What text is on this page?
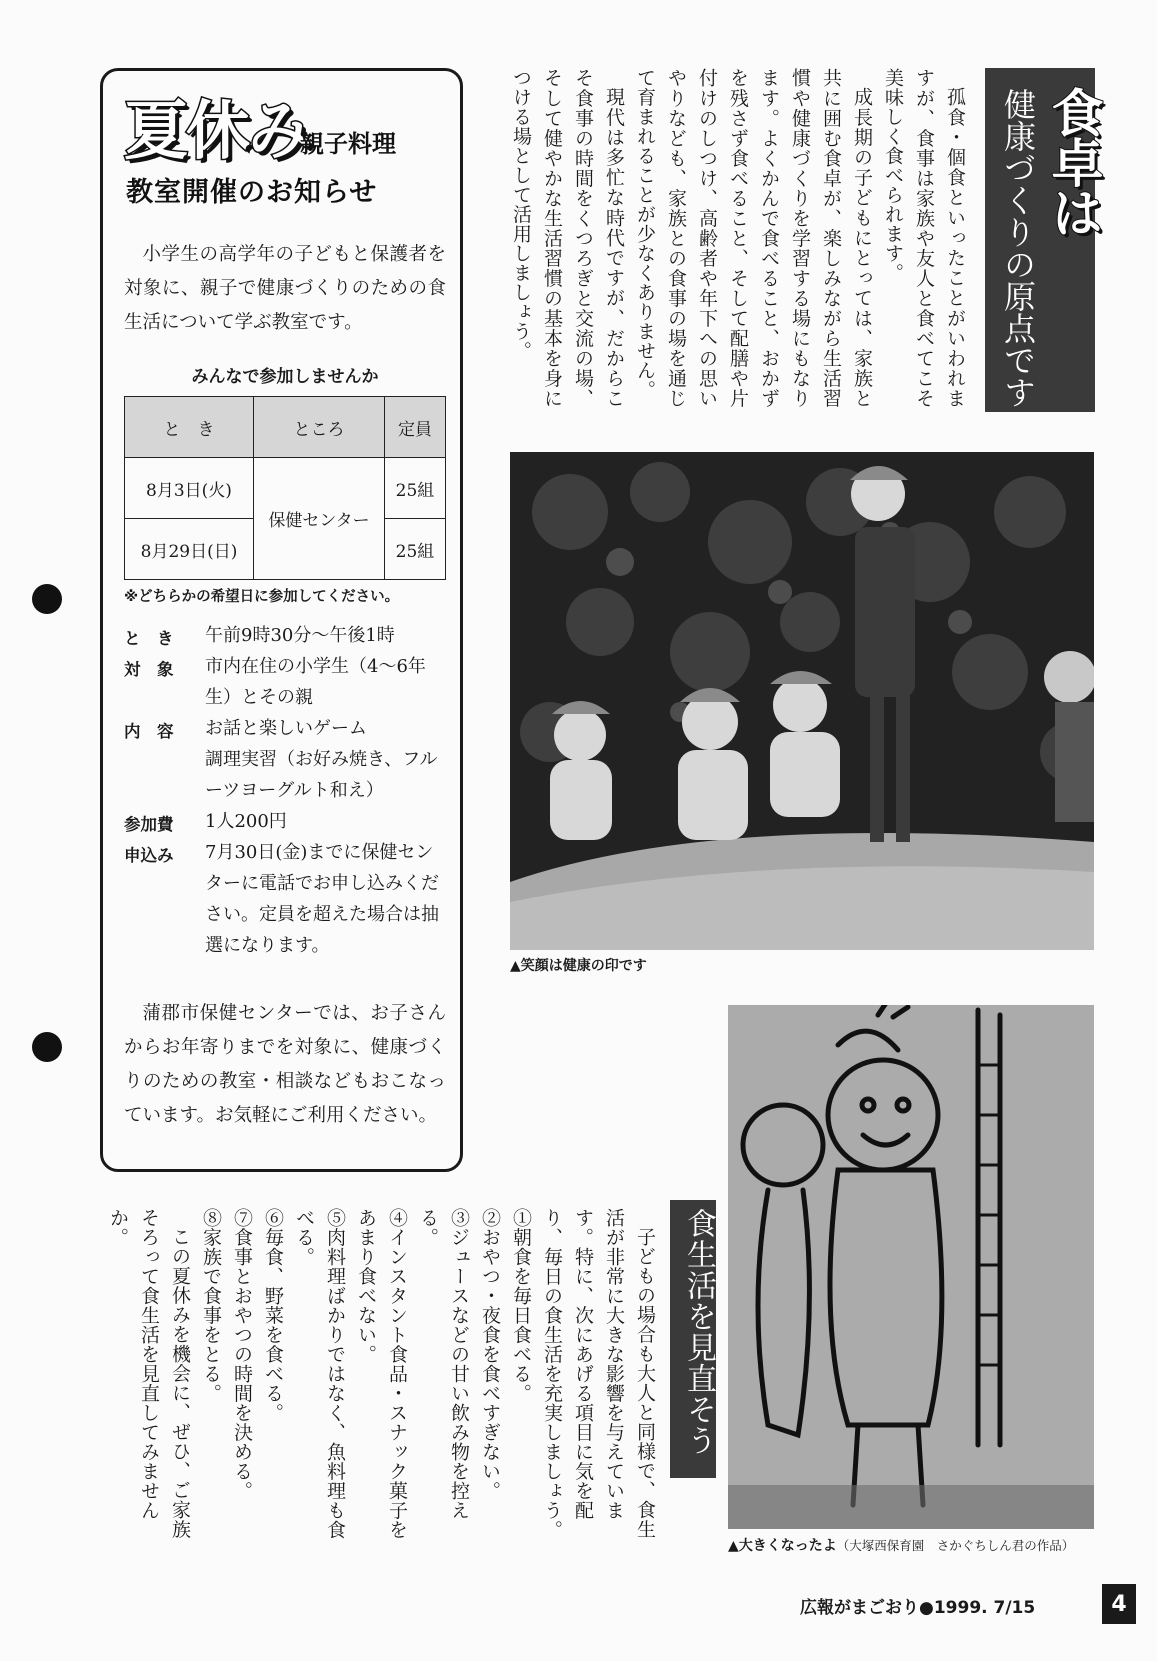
夏休み
親子料理
教室開催のお知らせ
小学生の高学年の子どもと保護者を対象に、親子で健康づくりのための食生活について学ぶ教室です。
みんなで参加しませんか
と　き	ところ	定員
8月3日(火)	保健センター	25組
8月29日(日)		25組
※どちらかの希望日に参加してください。
と　き	午前9時30分～午後1時
対　象	市内在住の小学生（4～6年生）とその親
内　容	お話と楽しいゲーム
調理実習（お好み焼き、フルーツヨーグルト和え）
参加費	1人200円
申込み	7月30日(金)までに保健センターに電話でお申し込みください。定員を超えた場合は抽選になります。
蒲郡市保健センターでは、お子さんからお年寄りまでを対象に、健康づくりのための教室・相談などもおこなっています。お気軽にご利用ください。
食卓は
健康づくりの原点です

孤食・個食といったことがいわれますが、食事は家族や友人と食べてこそ美味しく食べられます。

成長期の子どもにとっては、家族と共に囲む食卓が、楽しみながら生活習慣や健康づくりを学習する場にもなります。よくかんで食べること、おかずを残さず食べること、そして配膳や片付けのしつけ、高齢者や年下への思いやりなども、家族との食事の場を通じて育まれることが少なくありません。

現代は多忙な時代ですが、だからこそ食事の時間をくつろぎと交流の場、そして健やかな生活習慣の基本を身につける場として活用しましょう。

▲笑顔は健康の印です
▲大きくなったよ（大塚西保育園　さかぐちしん君の作品）
食生活を見直そう

子どもの場合も大人と同様で、食生活が非常に大きな影響を与えています。特に、次にあげる項目に気を配り、毎日の食生活を充実しましょう。

①朝食を毎日食べる。

②おやつ・夜食を食べすぎない。

③ジュースなどの甘い飲み物を控える。

④インスタント食品・スナック菓子をあまり食べない。

⑤肉料理ばかりではなく、魚料理も食べる。

⑥毎食、野菜を食べる。

⑦食事とおやつの時間を決める。

⑧家族で食事をとる。

この夏休みを機会に、ぜひ、ご家族そろって食生活を見直してみませんか。

広報がまごおり●1999. 7/15	4
